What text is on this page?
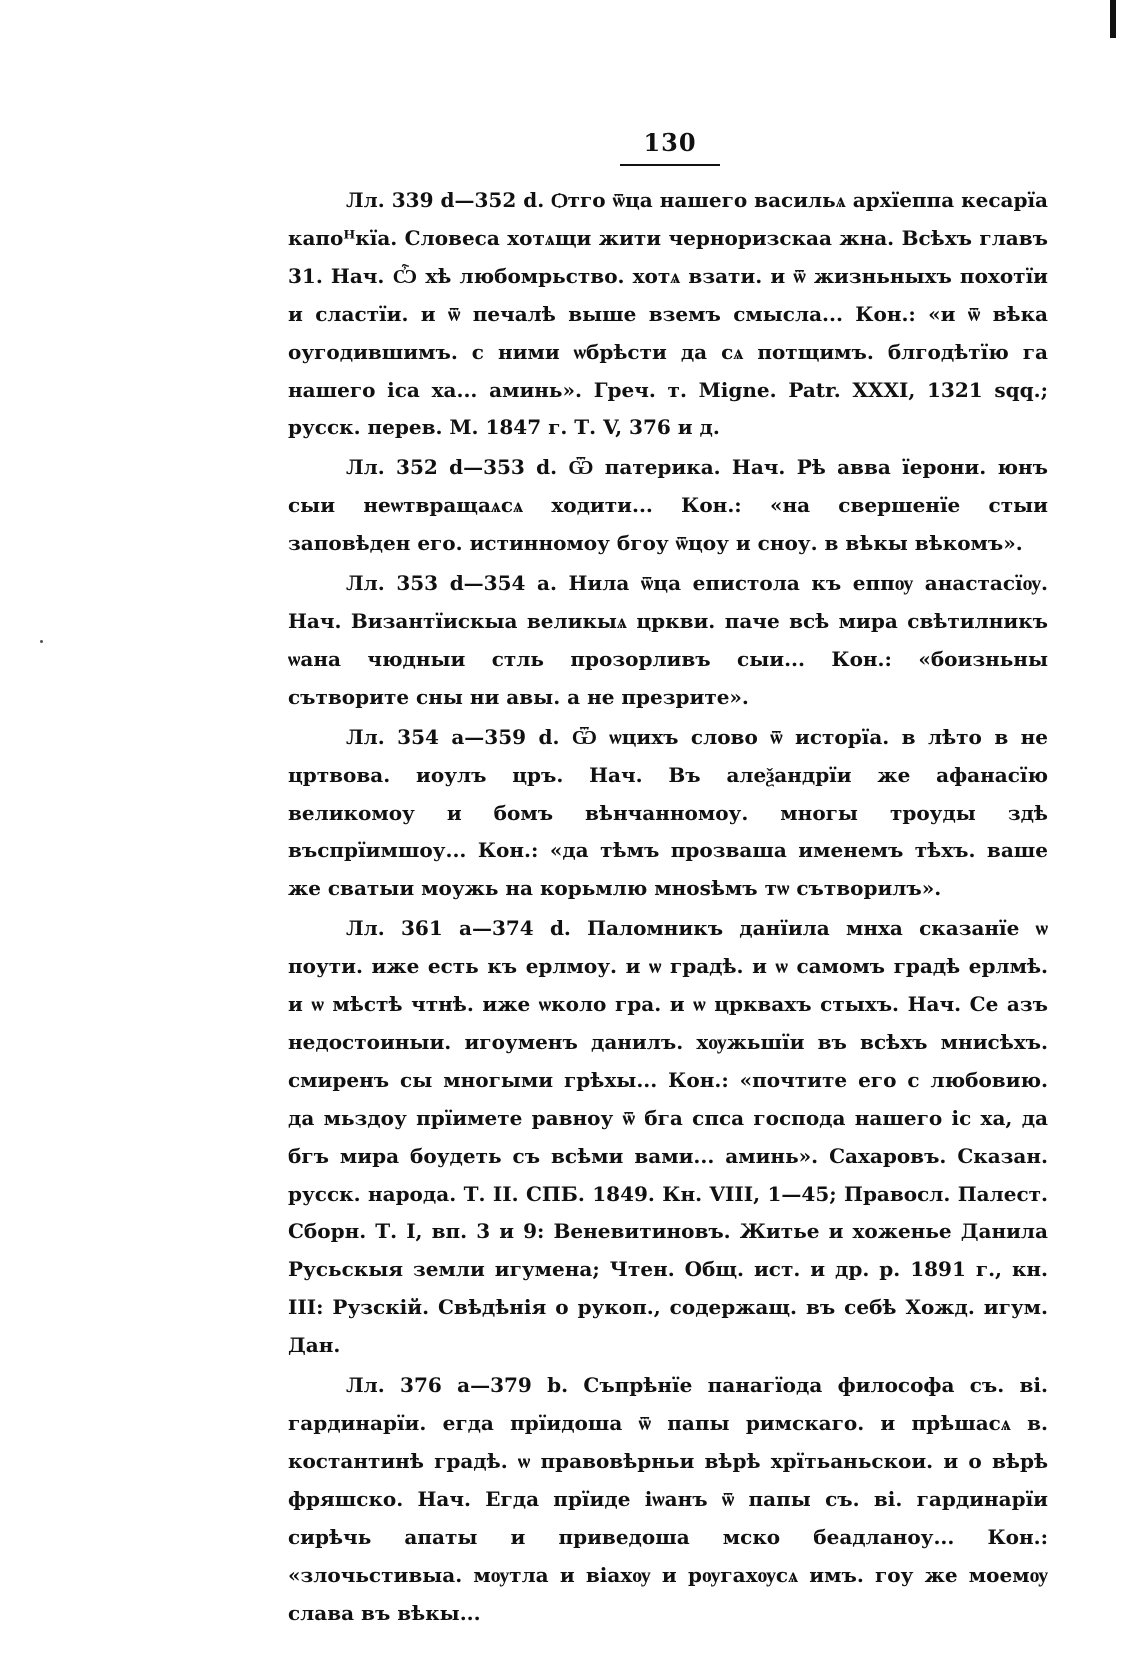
130

Лл. 339 d—352 d. Ѻтго ѿца нашего васильѧ архїеппа кесарїа капоᴴкїа. Словеса хотѧщи жити черноризскаа жна. Всѣхъ главъ 31. Нач. Ѽ хѣ любомрьство. хотѧ взати. и ѿ жизньныхъ похотїи и сластїи. и ѿ печалѣ выше вземъ смысла... Кон.: «и ѿ вѣка оугодившимъ. с ними ѡбрѣсти да сѧ потщимъ. блгодѣтїю га нашего іса ха... аминь». Греч. т. Migne. Patr. XXXI, 1321 sqq.; русск. перев. М. 1847 г. Т. V, 376 и д.

Лл. 352 d—353 d. Ѿ патерика. Нач. Рѣ авва їерони. юнъ сыи неѡтвращаѧсѧ ходити... Кон.: «на свершенїе стыи заповѣден его. истинномоу бгоу ѿцоу и сноу. в вѣкы вѣкомъ».

Лл. 353 d—354 a. Нила ѿца епистола къ еппѹ анастасїѹ. Нач. Византїискыа великыѧ цркви. паче всѣ мира свѣтилникъ ѡана чюдныи стль прозорливъ сыи... Кон.: «боизньны сътворите сны ни авы. а не презрите».

Лл. 354 a—359 d. Ѿ ѡцихъ слово ѿ исторїа. в лѣто в не цртвова. иоулъ цръ. Нач. Въ алеѯандрїи же афанасїю великомоу и бомъ вѣнчанномоу. многы троуды здѣ въспрїимшоу... Кон.: «да тѣмъ прозваша именемъ тѣхъ. ваше же сватыи моужь на корьмлю мноѕѣмъ тѡ сътворилъ».

Лл. 361 a—374 d. Паломникъ данїила мнха сказанїе ѡ поути. иже есть къ ерлмоу. и ѡ градѣ. и ѡ самомъ градѣ ерлмѣ. и ѡ мѣстѣ чтнѣ. иже ѡколо гра. и ѡ црквахъ стыхъ. Нач. Се азъ недостоиныи. игоуменъ данилъ. хѹжьшїи въ всѣхъ мнисѣхъ. смиренъ сы многыми грѣхы... Кон.: «почтите его с любовию. да мьздоу прїимете равноу ѿ бга спса господа нашего іс ха, да бгъ мира боудеть съ всѣми вами... аминь». Сахаровъ. Сказан. русск. народа. Т. II. СПБ. 1849. Кн. VIII, 1—45; Правосл. Палест. Сборн. Т. I, вп. 3 и 9: Веневитиновъ. Житье и хоженье Данила Русьскыя земли игумена; Чтен. Общ. ист. и др. р. 1891 г., кн. III: Рузскій. Свѣдѣнія о рукоп., содержащ. въ себѣ Хожд. игум. Дан.

Лл. 376 a—379 b. Съпрѣнїе панагїода философа съ. ві. гардинарїи. егда прїидоша ѿ папы римскаго. и прѣшасѧ в. костантинѣ градѣ. ѡ правовѣрньи вѣрѣ хрїтьаньскои. и о вѣрѣ фряшско. Нач. Егда прїиде іѡанъ ѿ папы съ. ві. гардинарїи сирѣчь апаты и приведоша мско беадланоу... Кон.: «злочьстивыа. мѹтла и віахѹ и рѹгахѹсѧ имъ. гоу же моемѹ слава въ вѣкы...
